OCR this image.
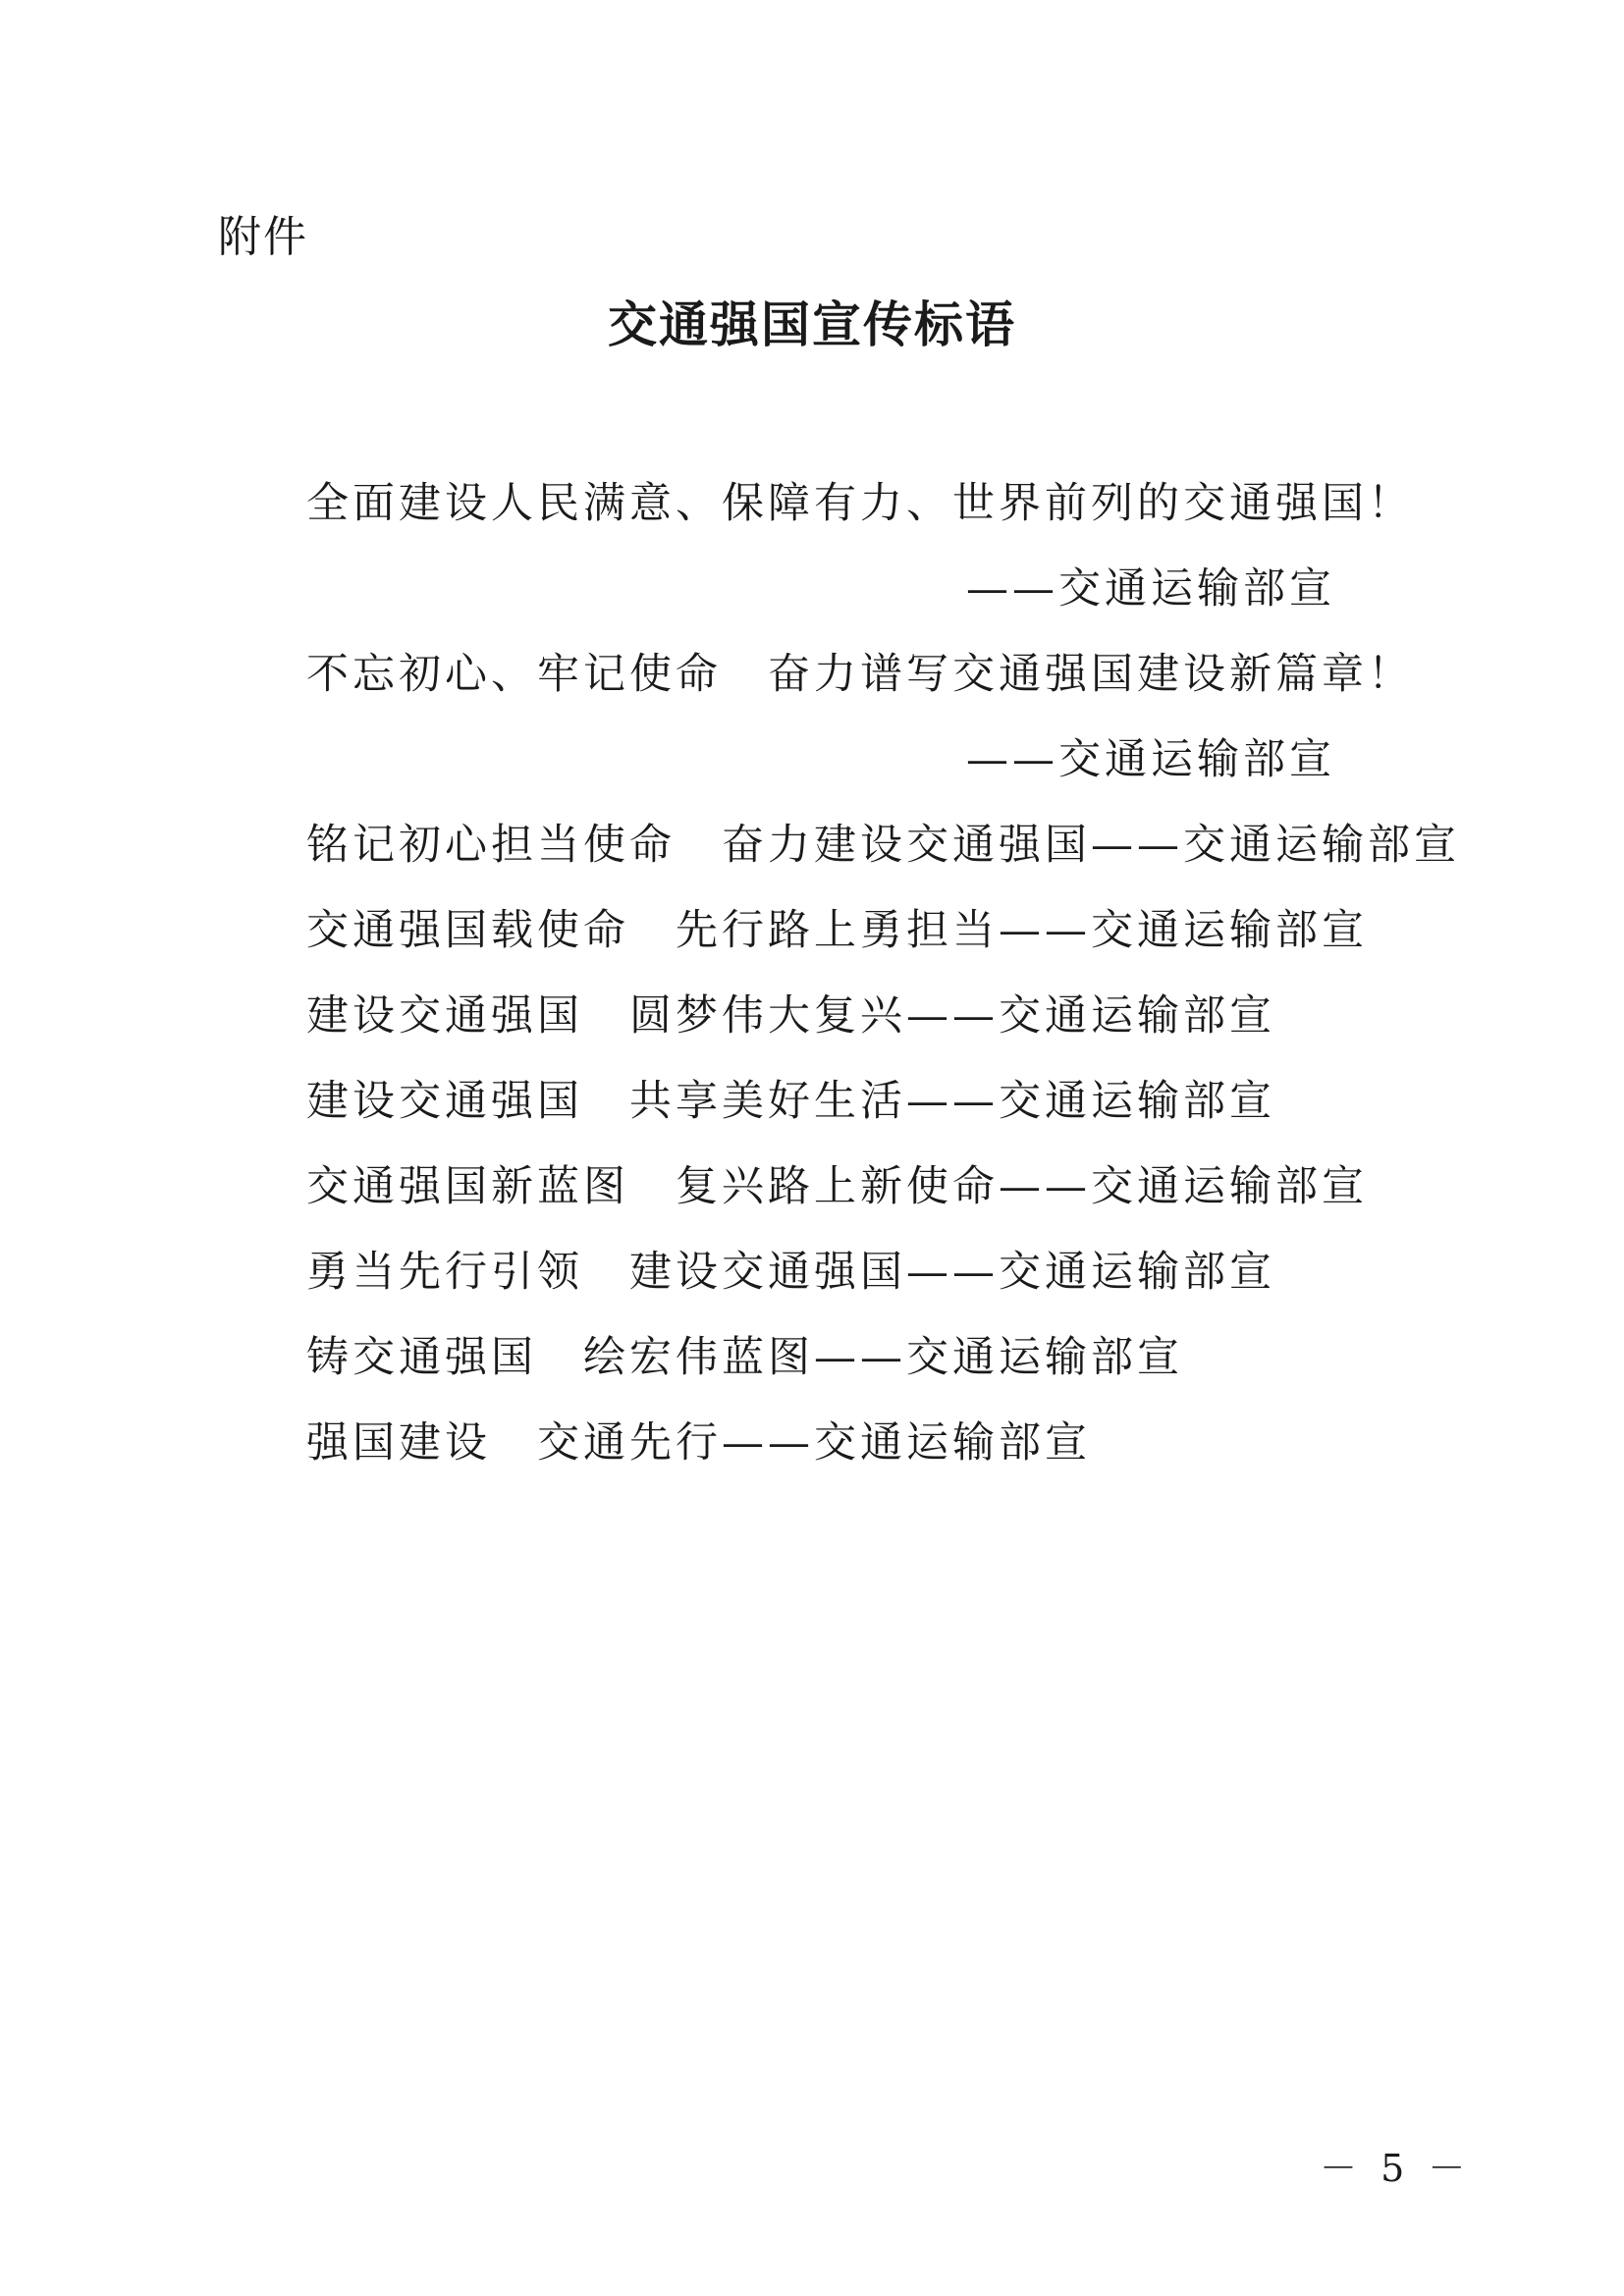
附件
交通强国宣传标语
全面建设人民满意、保障有力、世界前列的交通强国！
——交通运输部宣
不忘初心、牢记使命　奋力谱写交通强国建设新篇章！
——交通运输部宣
铭记初心担当使命　奋力建设交通强国——交通运输部宣
交通强国载使命　先行路上勇担当——交通运输部宣
建设交通强国　圆梦伟大复兴——交通运输部宣
建设交通强国　共享美好生活——交通运输部宣
交通强国新蓝图　复兴路上新使命——交通运输部宣
勇当先行引领　建设交通强国——交通运输部宣
铸交通强国　绘宏伟蓝图——交通运输部宣
强国建设　交通先行——交通运输部宣
－ 5 －
